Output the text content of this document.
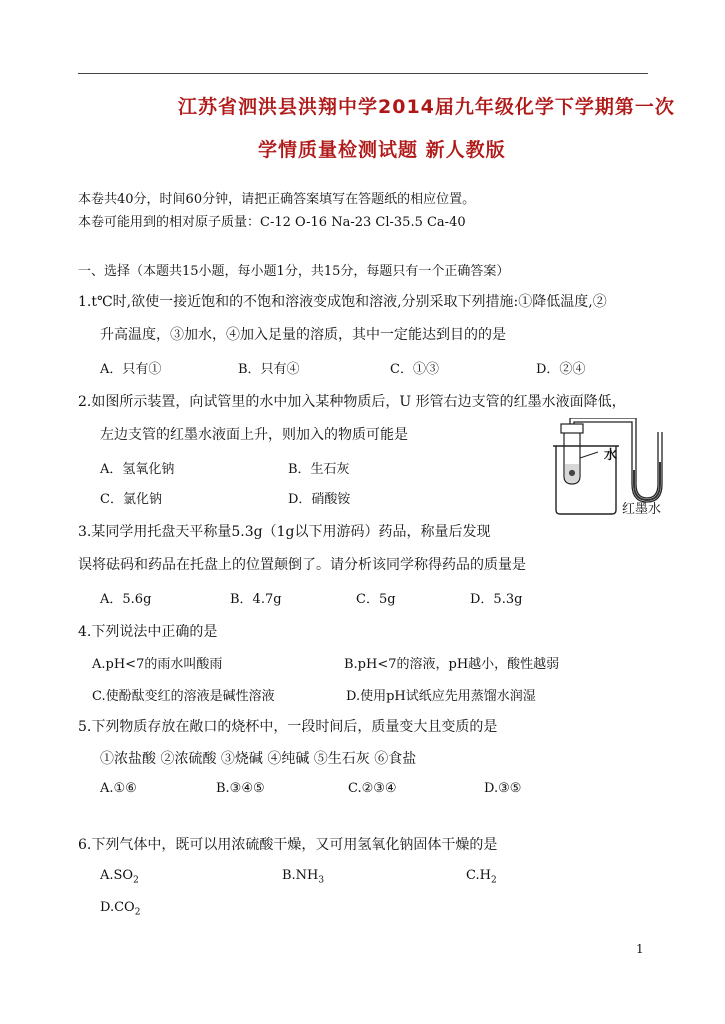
江苏省泗洪县洪翔中学2014届九年级化学下学期第一次
学情质量检测试题 新人教版
本卷共40分，时间60分钟，请把正确答案填写在答题纸的相应位置。
本卷可能用到的相对原子质量：C-12 O-16 Na-23 Cl-35.5 Ca-40
一、选择（本题共15小题，每小题1分，共15分，每题只有一个正确答案）
1.t℃时,欲使一接近饱和的不饱和溶液变成饱和溶液,分别采取下列措施:①降低温度,②
升高温度，③加水，④加入足量的溶质，其中一定能达到目的的是
A．只有①	B．只有④	C．①③	D．②④
2.如图所示装置，向试管里的水中加入某种物质后，U 形管右边支管的红墨水液面降低，
左边支管的红墨水液面上升，则加入的物质可能是
A．氢氧化钠	B．生石灰
C．氯化钠	D．硝酸铵
●
水
红墨水
3.某同学用托盘天平称量5.3g（1g以下用游码）药品，称量后发现
误将砝码和药品在托盘上的位置颠倒了。请分析该同学称得药品的质量是
A．5.6g	B．4.7g	C．5g	D．5.3g
4.下列说法中正确的是
A.pH<7的雨水叫酸雨	B.pH<7的溶液，pH越小，酸性越弱
C.使酚酞变红的溶液是碱性溶液	D.使用pH试纸应先用蒸馏水润湿
5.下列物质存放在敞口的烧杯中，一段时间后，质量变大且变质的是
①浓盐酸 ②浓硫酸 ③烧碱 ④纯碱 ⑤生石灰 ⑥食盐
A.①⑥	B.③④⑤	C.②③④	D.③⑤
6.下列气体中，既可以用浓硫酸干燥，又可用氢氧化钠固体干燥的是
$A.SO_2$	$B.NH_3$	$C.H_2$
$D.CO_2$
1
